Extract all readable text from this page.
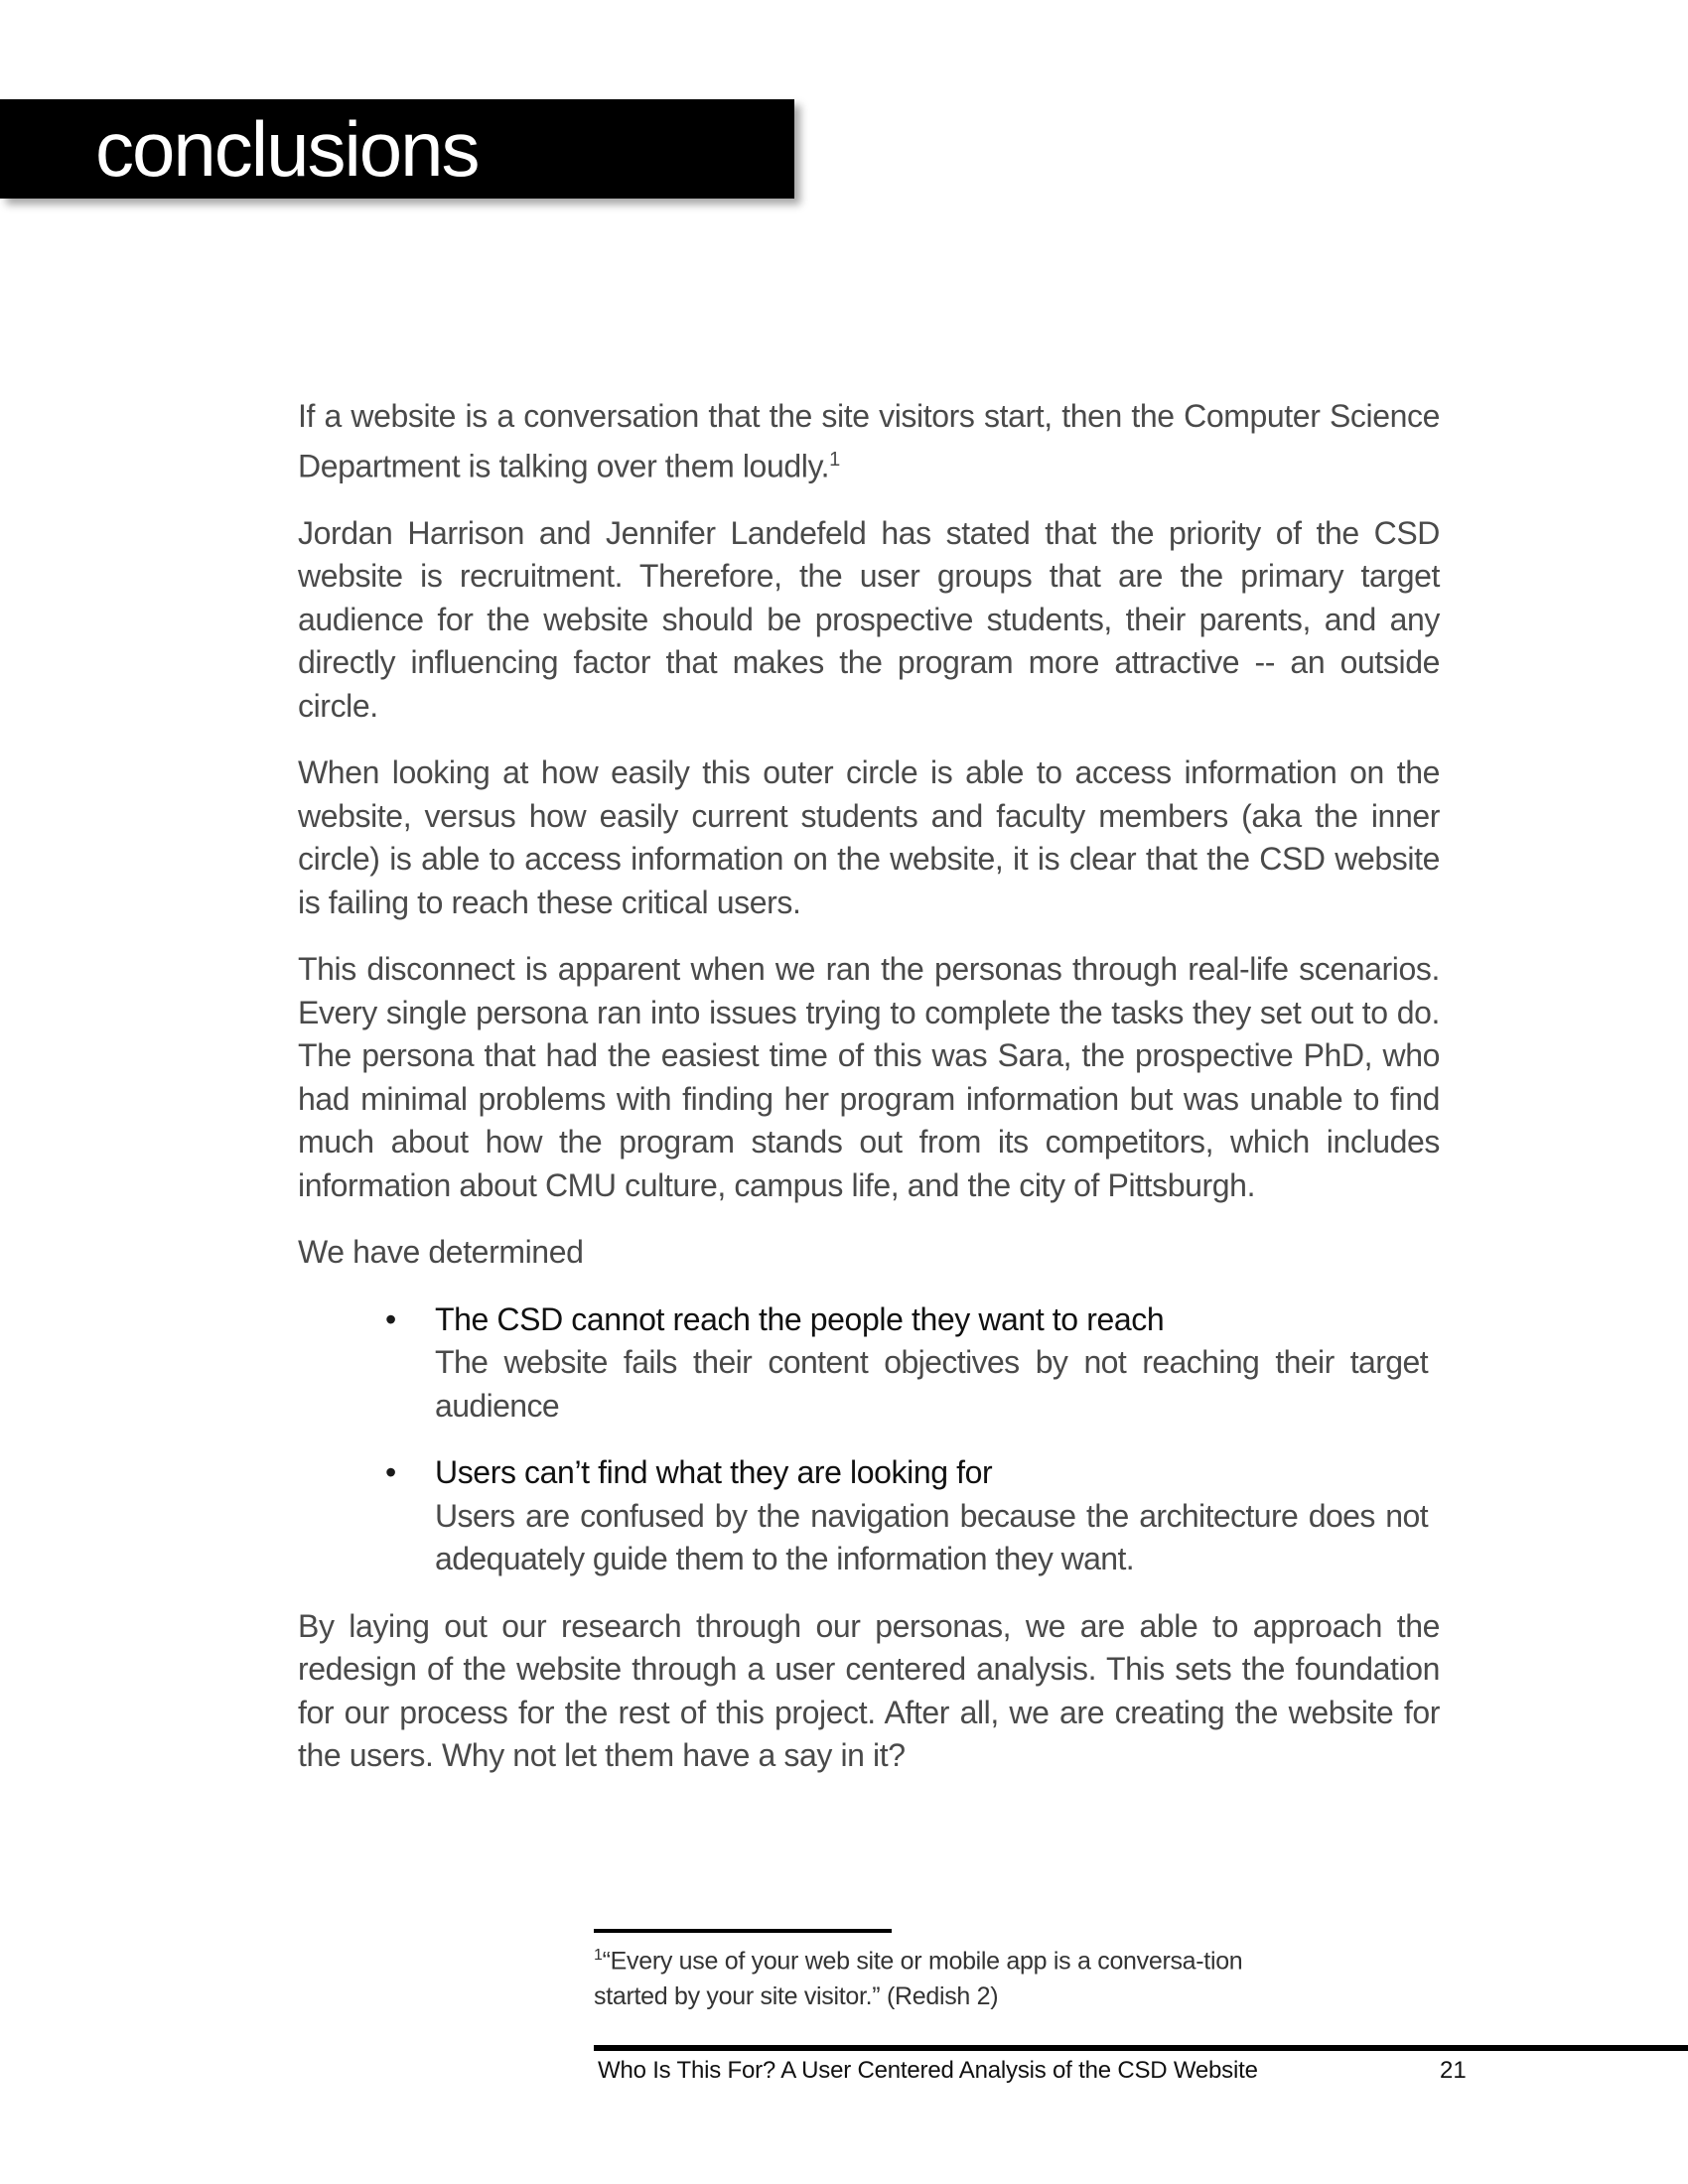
conclusions

If a website is a conversation that the site visitors start, then the Computer Science Department is talking over them loudly.$^1$

Jordan Harrison and Jennifer Landefeld has stated that the priority of the CSD website is recruitment. Therefore, the user groups that are the primary target audience for the website should be prospective students, their parents, and any directly influencing factor that makes the program more attractive -- an outside circle.

When looking at how easily this outer circle is able to access information on the website, versus how easily current students and faculty members (aka the inner circle) is able to access information on the website, it is clear that the CSD website is failing to reach these critical users.

This disconnect is apparent when we ran the personas through real-life scenarios. Every single persona ran into issues trying to complete the tasks they set out to do. The persona that had the easiest time of this was Sara, the prospective PhD, who had minimal problems with finding her program information but was unable to find much about how the program stands out from its competitors, which includes information about CMU culture, campus life, and the city of Pittsburgh.

We have determined

• The CSD cannot reach the people they want to reach
The website fails their content objectives by not reaching their target audience
• Users can’t find what they are looking for
Users are confused by the navigation because the architecture does not adequately guide them to the information they want.

By laying out our research through our personas, we are able to approach the redesign of the website through a user centered analysis. This sets the foundation for our process for the rest of this project. After all, we are creating the website for the users. Why not let them have a say in it?

$^1$“Every use of your web site or mobile app is a conversa-tion started by your site visitor.” (Redish 2)
Who Is This For? A User Centered Analysis of the CSD Website	21
